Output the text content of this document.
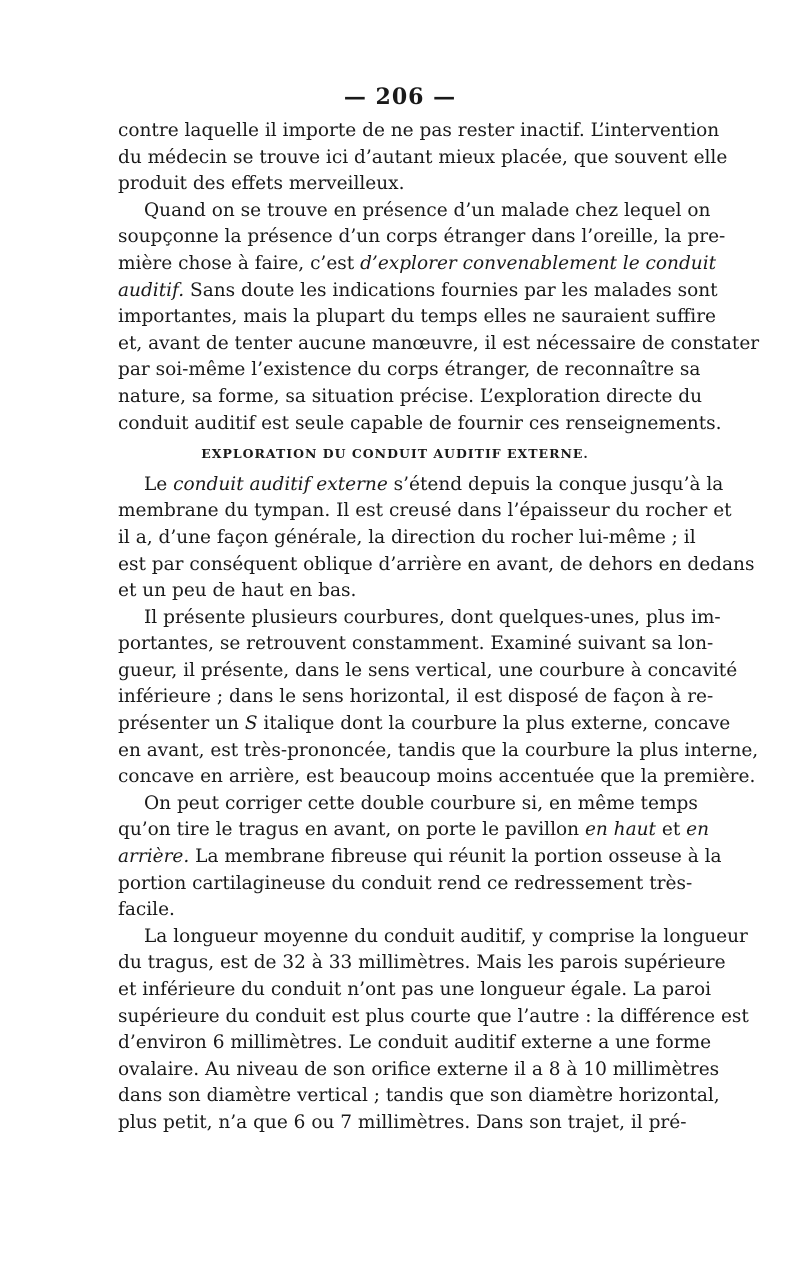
— 206 —
contre laquelle il importe de ne pas rester inactif. L’intervention
du médecin se trouve ici d’autant mieux placée, que souvent elle
produit des effets merveilleux.
Quand on se trouve en présence d’un malade chez lequel on
soupçonne la présence d’un corps étranger dans l’oreille, la pre-
mière chose à faire, c’est d’explorer convenablement le conduit
auditif. Sans doute les indications fournies par les malades sont
importantes, mais la plupart du temps elles ne sauraient suffire
et, avant de tenter aucune manœuvre, il est nécessaire de constater
par soi-même l’existence du corps étranger, de reconnaître sa
nature, sa forme, sa situation précise. L’exploration directe du
conduit auditif est seule capable de fournir ces renseignements.
EXPLORATION DU CONDUIT AUDITIF EXTERNE.
Le conduit auditif externe s’étend depuis la conque jusqu’à la
membrane du tympan. Il est creusé dans l’épaisseur du rocher et
il a, d’une façon générale, la direction du rocher lui-même ; il
est par conséquent oblique d’arrière en avant, de dehors en dedans
et un peu de haut en bas.
Il présente plusieurs courbures, dont quelques-unes, plus im-
portantes, se retrouvent constamment. Examiné suivant sa lon-
gueur, il présente, dans le sens vertical, une courbure à concavité
inférieure ; dans le sens horizontal, il est disposé de façon à re-
présenter un S italique dont la courbure la plus externe, concave
en avant, est très-prononcée, tandis que la courbure la plus interne,
concave en arrière, est beaucoup moins accentuée que la première.
On peut corriger cette double courbure si, en même temps
qu’on tire le tragus en avant, on porte le pavillon en haut et en
arrière. La membrane fibreuse qui réunit la portion osseuse à la
portion cartilagineuse du conduit rend ce redressement très-
facile.
La longueur moyenne du conduit auditif, y comprise la longueur
du tragus, est de 32 à 33 millimètres. Mais les parois supérieure
et inférieure du conduit n’ont pas une longueur égale. La paroi
supérieure du conduit est plus courte que l’autre : la différence est
d’environ 6 millimètres. Le conduit auditif externe a une forme
ovalaire. Au niveau de son orifice externe il a 8 à 10 millimètres
dans son diamètre vertical ; tandis que son diamètre horizontal,
plus petit, n’a que 6 ou 7 millimètres. Dans son trajet, il pré-
